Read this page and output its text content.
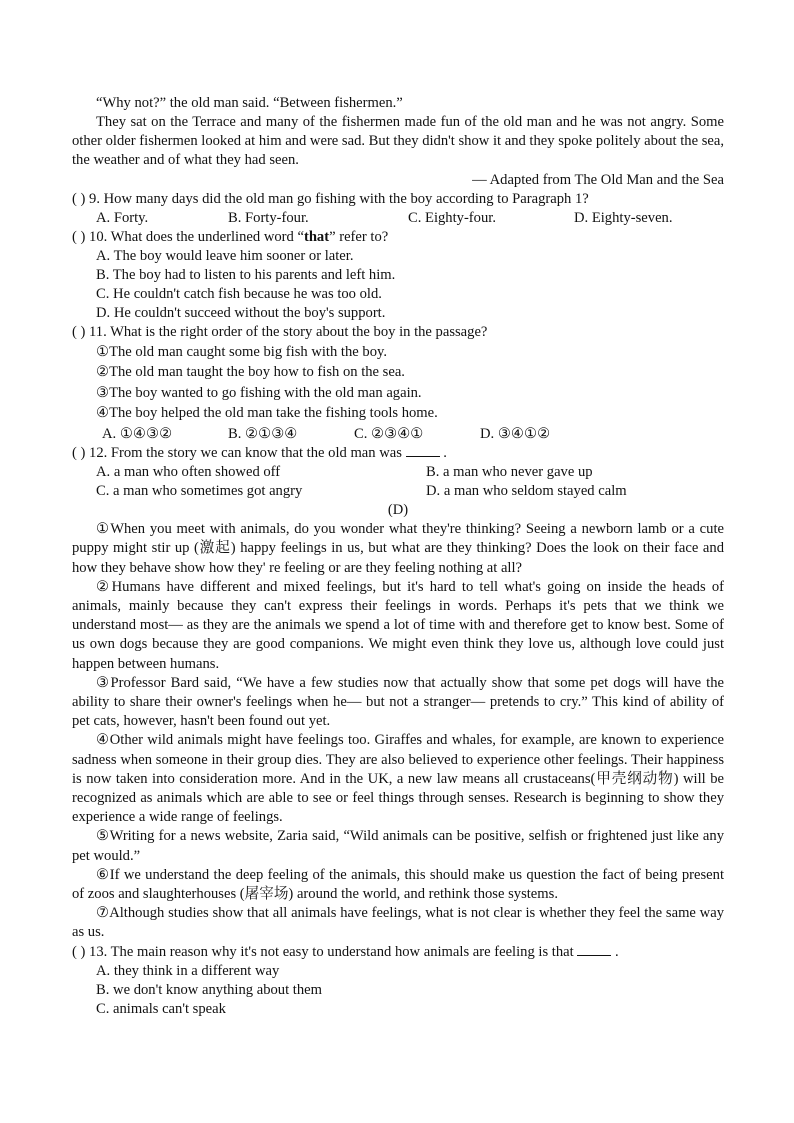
“Why not?” the old man said. “Between fishermen.”

They sat on the Terrace and many of the fishermen made fun of the old man and he was not angry. Some other older fishermen looked at him and were sad. But they didn't show it and they spoke politely about the sea, the weather and of what they had seen.

— Adapted from The Old Man and the Sea

( ) 9. How many days did the old man go fishing with the boy according to Paragraph 1?

A. Forty.	B. Forty-four.	C. Eighty-four.	D. Eighty-seven.

( ) 10. What does the underlined word “that” refer to?

A. The boy would leave him sooner or later.

B. The boy had to listen to his parents and left him.

C. He couldn't catch fish because he was too old.

D. He couldn't succeed without the boy's support.

( ) 11. What is the right order of the story about the boy in the passage?

①The old man caught some big fish with the boy.

②The old man taught the boy how to fish on the sea.

③The boy wanted to go fishing with the old man again.

④The boy helped the old man take the fishing tools home.

A. ①④③②	B. ②①③④	C. ②③④①	D. ③④①②

( ) 12. From the story we can know that the old man was	.

A. a man who often showed off	B. a man who never gave up
C. a man who sometimes got angry	D. a man who seldom stayed calm

(D)

①When you meet with animals, do you wonder what they're thinking? Seeing a newborn lamb or a cute puppy might stir up (激起) happy feelings in us, but what are they thinking? Does the look on their face and how they behave show how they' re feeling or are they feeling nothing at all?

②Humans have different and mixed feelings, but it's hard to tell what's going on inside the heads of animals, mainly because they can't express their feelings in words. Perhaps it's pets that we think we understand most— as they are the animals we spend a lot of time with and therefore get to know best. Some of us own dogs because they are good companions. We might even think they love us, although love could just happen between humans.

③Professor Bard said, “We have a few studies now that actually show that some pet dogs will have the ability to share their owner's feelings when he— but not a stranger— pretends to cry.” This kind of ability of pet cats, however, hasn't been found out yet.

④Other wild animals might have feelings too. Giraffes and whales, for example, are known to experience sadness when someone in their group dies. They are also believed to experience other feelings. Their happiness is now taken into consideration more. And in the UK, a new law means all crustaceans(甲壳纲动物) will be recognized as animals which are able to see or feel things through senses. Research is beginning to show they experience a wide range of feelings.

⑤Writing for a news website, Zaria said, “Wild animals can be positive, selfish or frightened just like any pet would.”

⑥If we understand the deep feeling of the animals, this should make us question the fact of being present of zoos and slaughterhouses (屠宰场) around the world, and rethink those systems.

⑦Although studies show that all animals have feelings, what is not clear is whether they feel the same way as us.

( ) 13. The main reason why it's not easy to understand how animals are feeling is that	.

A. they think in a different way

B. we don't know anything about them

C. animals can't speak
